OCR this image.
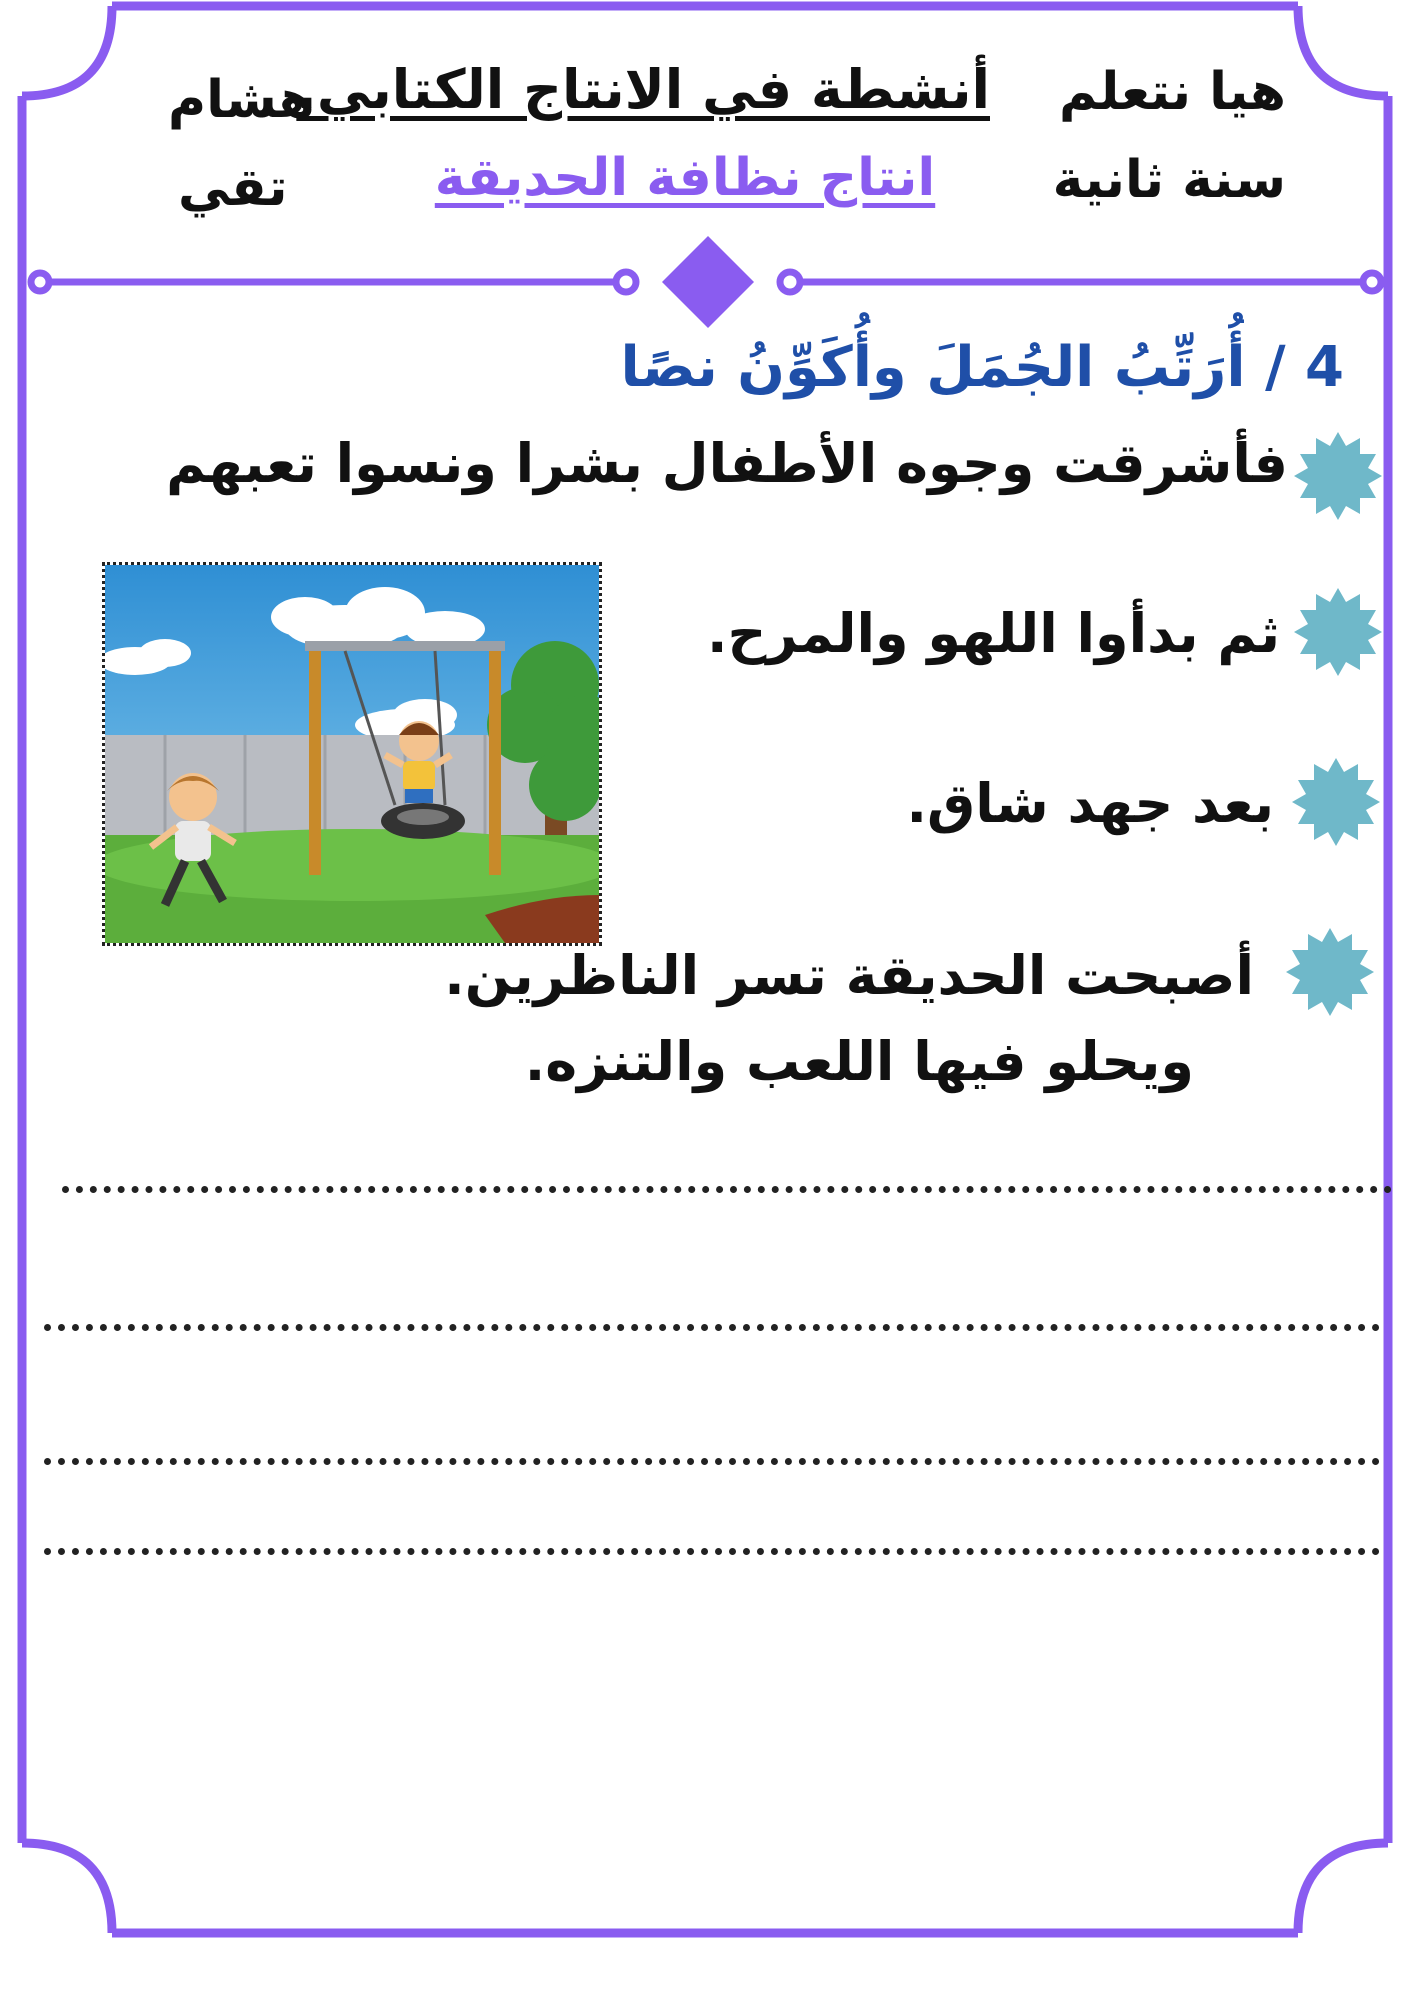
هيا نتعلم
سنة ثانية
هشام
تقي
أنشطة في الانتاج الكتابي.
انتاج نظافة الحديقة
4 / أُرَتِّبُ الجُمَلَ وأُكَوِّنُ نصًا
فأشرقت وجوه الأطفال بشرا ونسوا تعبهم
ثم بدأوا اللهو والمرح.
بعد جهد شاق.
أصبحت الحديقة تسر الناظرين.
ويحلو فيها اللعب والتنزه.
